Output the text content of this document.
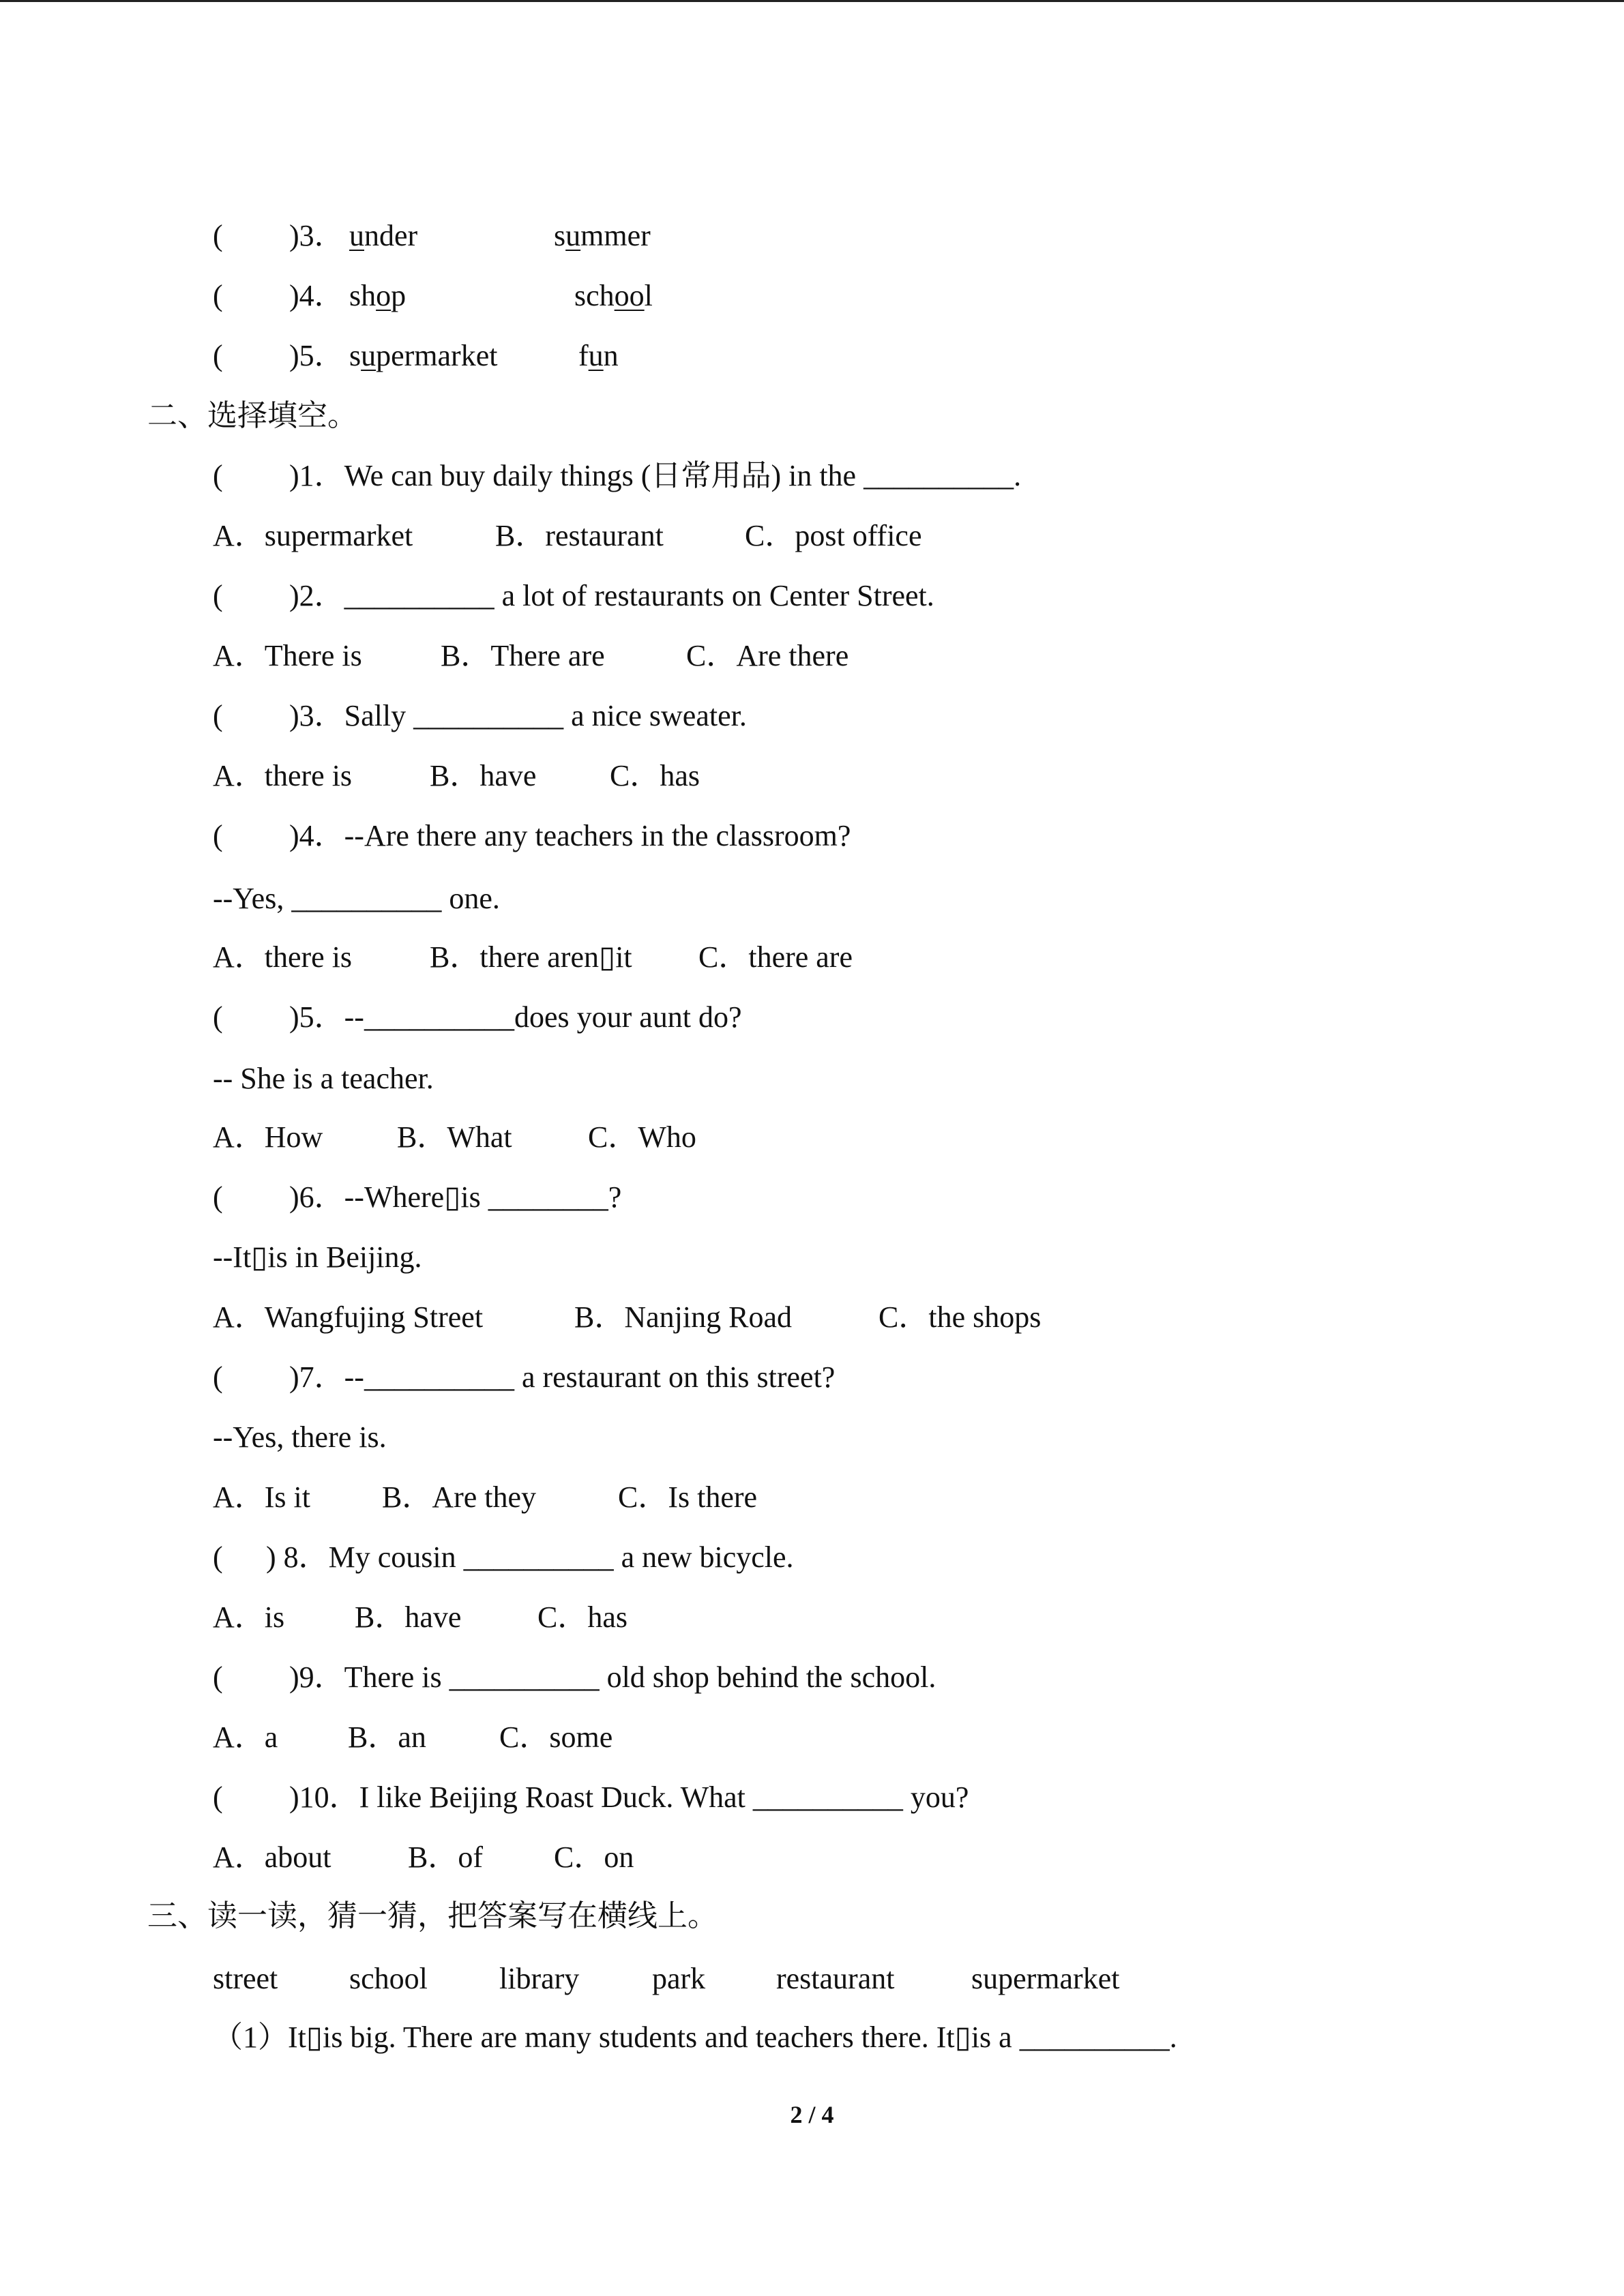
( )3． under	summer
( )4． shop	school
( )5． supermarket	fun
二、选择填空。
( )1．We can buy daily things (日常用品) in the __________.
A．supermarket	B．restaurant	C．post office
( )2．__________ a lot of restaurants on Center Street.
A．There is	B．There are	C．Are there
( )3．Sally __________ a nice sweater.
A．there is	B．have C．has
( )4．--Are there any teachers in the classroom?
--Yes, __________ one.
A．there is	B．there aren▯it C．there are
( )5．--__________does your aunt do?
-- She is a teacher.
A．How B．What	C．Who
( )6．--Where▯is ________?
--It▯is in Beijing.
A．Wangfujing Street	B．Nanjing Road	C．the shops
( )7．--__________ a restaurant on this street?
--Yes, there is.
A．Is it B．Are they	C．Is there
( ) 8．My cousin __________ a new bicycle.
A．is B．have	C．has
( )9．There is __________ old shop behind the school.
A．a B．an C．some
( )10．I like Beijing Roast Duck. What __________ you?
A．about	B．of C．on
三、读一读，猜一猜，把答案写在横线上。
street school library park restaurant	supermarket
（1）It▯is big. There are many students and teachers there. It▯is a __________.
2 / 4
